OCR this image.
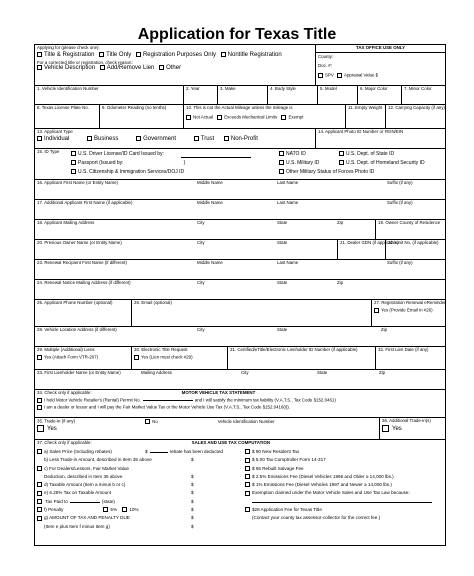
Application for Texas Title
Applying for (please check one):
Title & Registration Title Only Registration Purposes Only Nontitle Registration
For a corrected title or registration, check reason:
Vehicle Description Add/Remove Lien Other
TAX OFFICE USE ONLY
County:
Doc. #:
SPV Appraisal Value $
1. Vehicle Identification Number	2. Year	3. Make	4. Body Style	5. Model	6. Major Color	7. Minor Color
8. Texas License Plate No.	9. Odometer Reading (no tenths)	10. This is not the Actual Mileage unless the mileage is
Not Actual	Exceeds Mechanical Limits	Exempt
11. Empty Weight 12. Carrying Capacity (if any)
13. Applicant Type
Individual	Business	Government	Trust	Non-Profit
14. Applicant Photo ID Number or FEIN/EIN
15. ID Type	U.S. Driver License/ID Card Issued by:
Passport (Issued by:	)
U.S. Citizenship & Immigration Services/DOJ ID
NATO ID	U.S. Dept. of State ID
U.S. Military ID	U.S. Dept. of Homeland Security ID
Other Military Status of Forces Photo ID
16. Applicant First Name (or Entity Name)	Middle Name	Last Name	Suffix (if any)
17. Additional Applicant First Name (if applicable)	Middle Name	Last Name	Suffix (if any)
18. Applicant Mailing Address	City	State	Zip	19. Owner County of Residence
20. Previous Owner Name (or Entity Name)	City	State	21. Dealer GDN (if applicable)
22. Unit No. (if applicable)
23. Renewal Recipient First Name (if different)	Middle Name	Last Name	Suffix (if any)
24. Renewal Notice Mailing Address (if different)	City	State	Zip
25. Applicant Phone Number (optional)	26. Email (optional)	27. Registration Renewal eReminder
Yes (Provide Email in #26)
28. Vehicle Location Address (if different)	City	State	Zip
29. Multiple (Additional) Liens
Yes (Attach Form VTR-267)
30. Electronic Title Request
Yes (Lien must check #29)
31. Certified/eTitle/Electronic Lienholder ID Number (if applicable)	32. First Lien Date (if any)
33. First Lienholder Name (or Entity Name)	Mailing Address	City	State	Zip
34. Check only if applicable:	MOTOR VEHICLE TAX STATEMENT
I hold Motor Vehicle Retailer's (Rental) Permit No.	and I will satisfy the minimum tax liability (V.A.T.S., Tax Code §152.0461)
I am a dealer or lessor and I will pay the Fair Market Value Tax or the Motor Vehicle Use Tax (V.A.T.S., Tax Code §152.0416(i)).
35. Trade-in (if any)	No	Vehicle Identification Number
Yes
36. Additional Trade-in(s)
Yes
37. Check only if applicable:	SALES AND USE TAX COMPUTATION
a) Sales Price (Including rebates)	$	rebate has been deducted
b) Less Trade-in Amount, described in Item 35 above	$
c) For Dealers/Lessors, Fair Market Value
Deduction, described in Item 35 above	$
d) Taxable Amount (Item a minus b or c)	$
e) 6.25% Tax on Taxable Amount	$
Tax Paid to	(state)	$
f) Penalty	5%	10%	$
g) AMOUNT OF TAX AND PENALTY DUE	$
(Item e plus Item f minus Item g)	$
$ 90 New Resident Tax
$ 5.00 Tax Comptroller Form 14-317
$ 65 Rebuilt Salvage Fee
$ 2.5% Emissions Fee (Diesel Vehicles 1996 and Older ≥ 14,000 lbs.)
$ 1% Emissions Fee (Diesel Vehicles 1997 and Newer ≥ 14,000 lbs.)
Exemption claimed under the Motor Vehicle Sales and Use Tax Law because:
$28 Application Fee for Texas Title
(Contact your county tax assessor-collector for the correct fee.)
